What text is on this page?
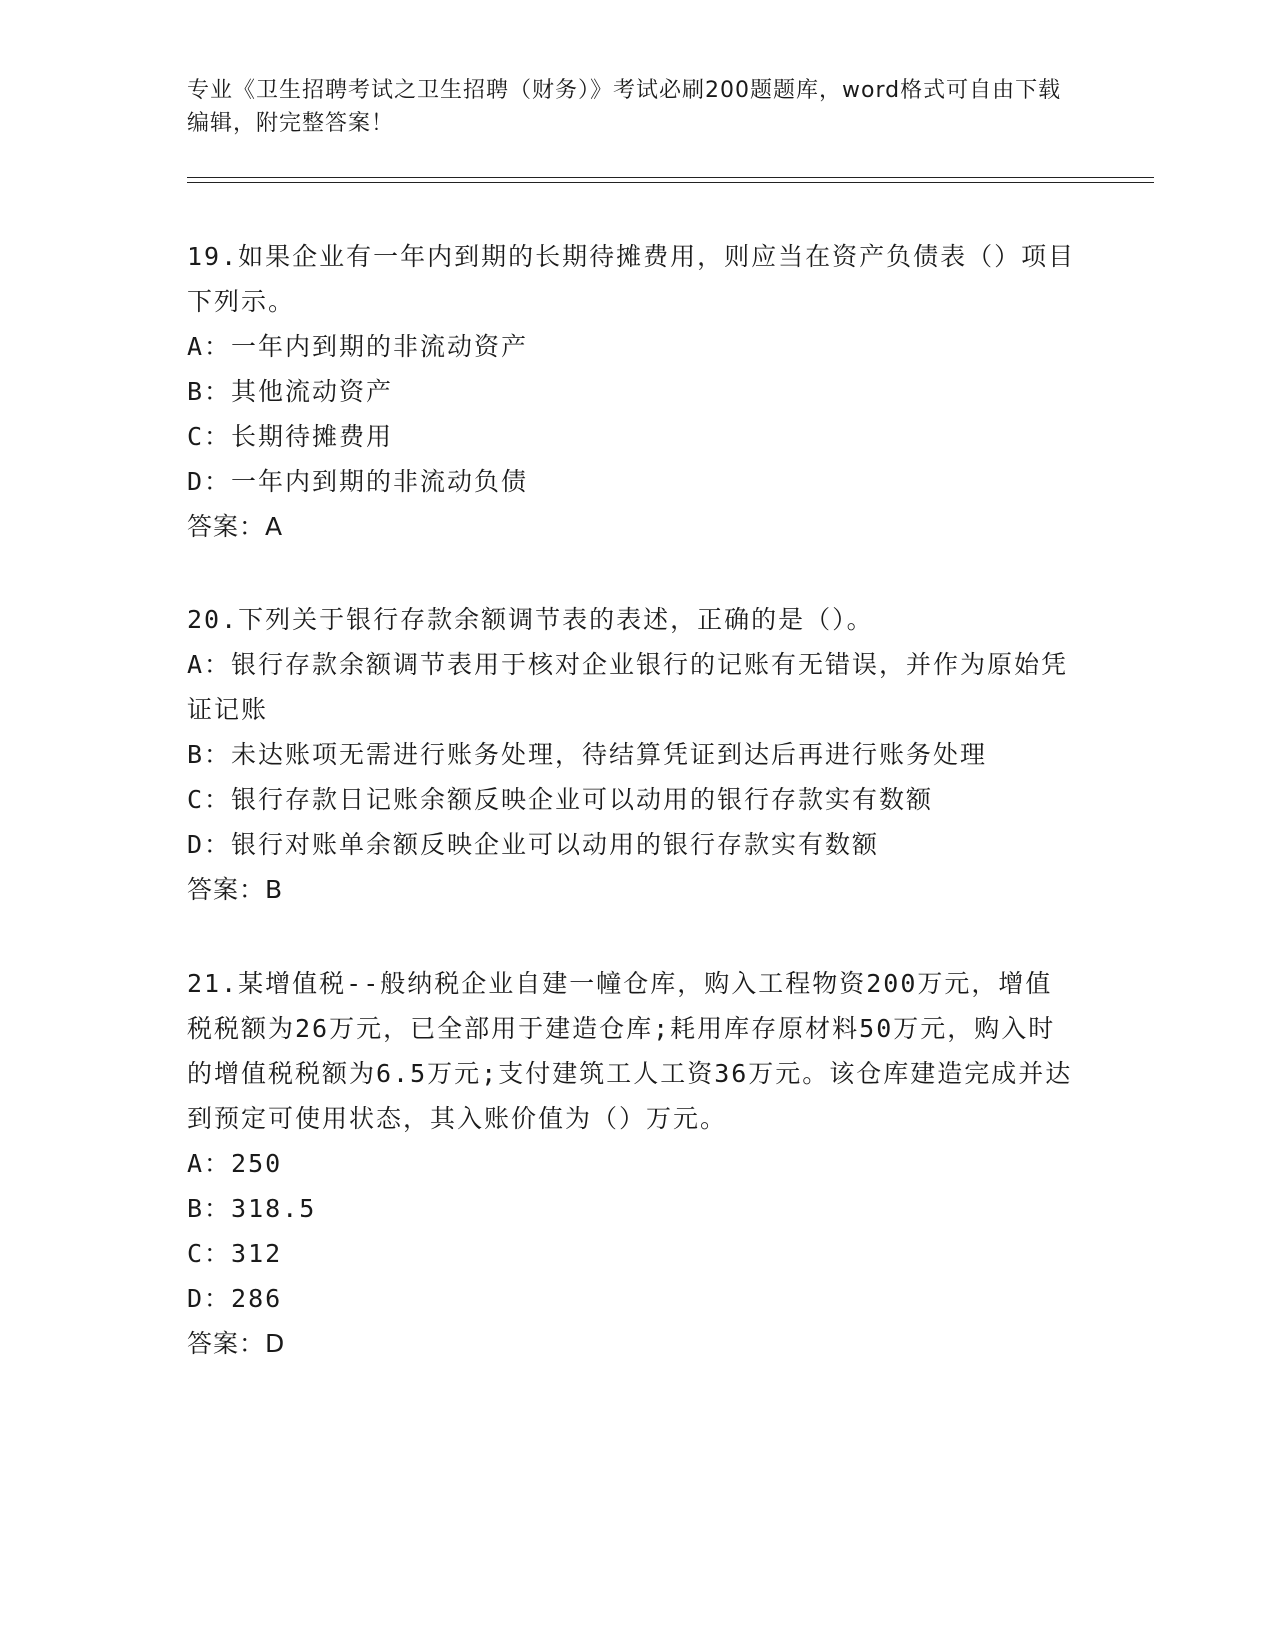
专业《卫生招聘考试之卫生招聘（财务）》考试必刷200题题库，word格式可自由下载编辑，附完整答案！
19.如果企业有一年内到期的长期待摊费用，则应当在资产负债表（）项目下列示。
A：一年内到期的非流动资产
B：其他流动资产
C：长期待摊费用
D：一年内到期的非流动负债
答案：A
20.下列关于银行存款余额调节表的表述，正确的是（）。
A：银行存款余额调节表用于核对企业银行的记账有无错误，并作为原始凭证记账
B：未达账项无需进行账务处理，待结算凭证到达后再进行账务处理
C：银行存款日记账余额反映企业可以动用的银行存款实有数额
D：银行对账单余额反映企业可以动用的银行存款实有数额
答案：B
21.某增值税--般纳税企业自建一幢仓库，购入工程物资200万元，增值税税额为26万元，已全部用于建造仓库;耗用库存原材料50万元，购入时的增值税税额为6.5万元;支付建筑工人工资36万元。该仓库建造完成并达到预定可使用状态，其入账价值为（）万元。
A：250
B：318.5
C：312
D：286
答案：D
